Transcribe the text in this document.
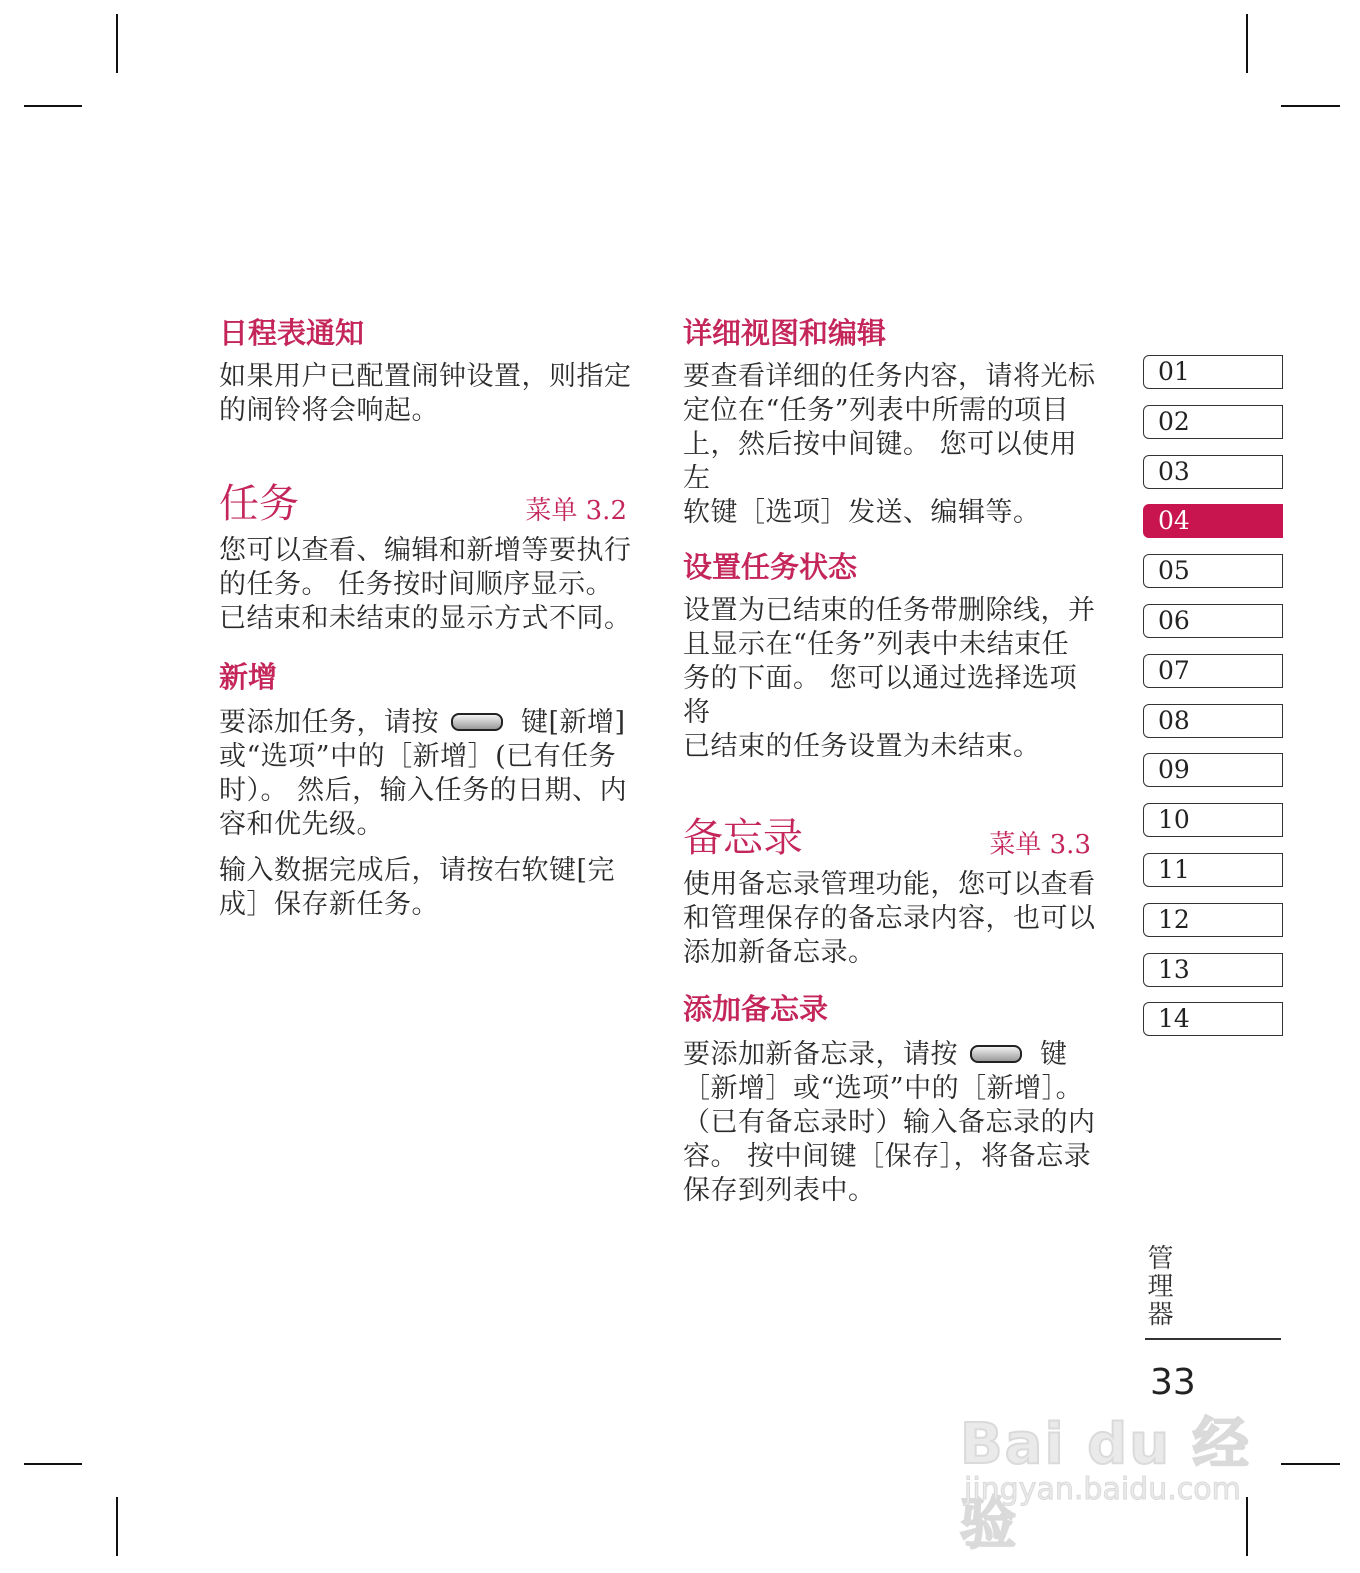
日程表通知

如果用户已配置闹钟设置，则指定

的闹铃将会响起。

任务	菜单 3.2

您可以查看、编辑和新增等要执行

的任务。 任务按时间顺序显示。

已结束和未结束的显示方式不同。

新增

要添加任务，请按	键[新增]

或“选项”中的［新增］(已有任务

时）。 然后，输入任务的日期、内

容和优先级。

输入数据完成后，请按右软键[完

成］保存新任务。

详细视图和编辑

要查看详细的任务内容，请将光标

定位在“任务”列表中所需的项目

上，然后按中间键。 您可以使用左

软键［选项］发送、编辑等。

设置任务状态

设置为已结束的任务带删除线，并

且显示在“任务”列表中未结束任

务的下面。 您可以通过选择选项将

已结束的任务设置为未结束。

备忘录	菜单 3.3

使用备忘录管理功能，您可以查看

和管理保存的备忘录内容，也可以

添加新备忘录。

添加备忘录

要添加新备忘录，请按	键

［新增］或“选项”中的［新增］。

（已有备忘录时）输入备忘录的内

容。 按中间键［保存］，将备忘录

保存到列表中。

01
02
03
04
05
06
07
08
09
10
11
12
13
14
管理器
33
Bai du 经验
jingyan.baidu.com
